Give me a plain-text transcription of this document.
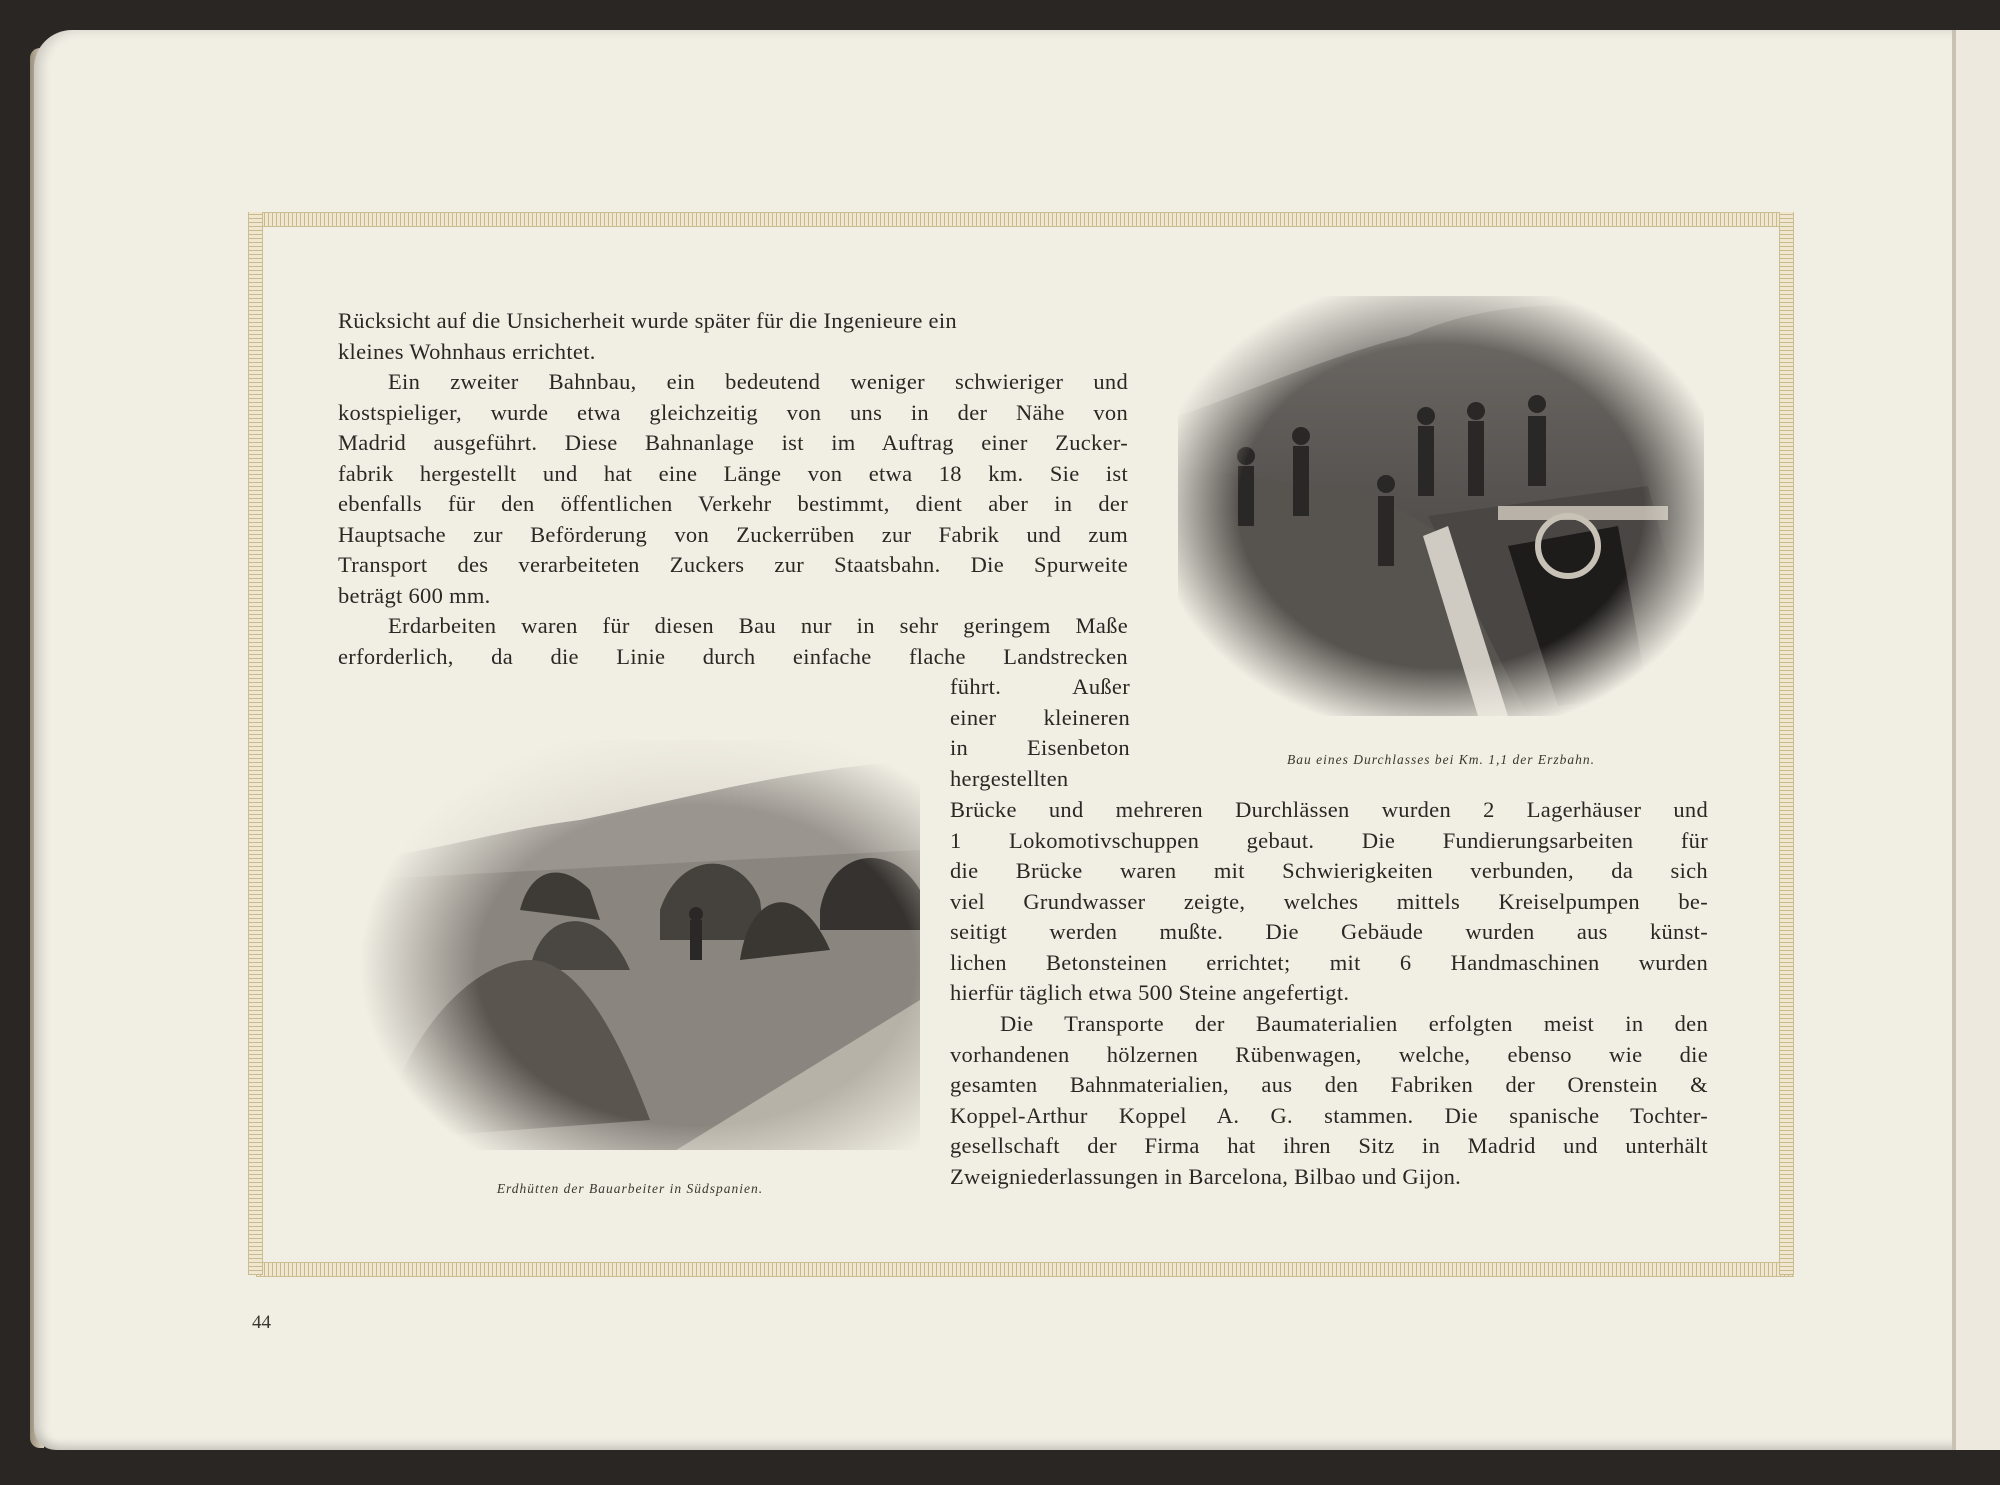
Rücksicht auf die Unsicherheit wurde später für die Ingenieure ein
kleines Wohnhaus errichtet.

Ein zweiter Bahnbau, ein bedeutend weniger schwieriger und
kostspieliger, wurde etwa gleichzeitig von uns in der Nähe von
Madrid ausgeführt. Diese Bahnanlage ist im Auftrag einer Zucker-
fabrik hergestellt und hat eine Länge von etwa 18 km. Sie ist
ebenfalls für den öffentlichen Verkehr bestimmt, dient aber in der
Hauptsache zur Beförderung von Zuckerrüben zur Fabrik und zum
Transport des verarbeiteten Zuckers zur Staatsbahn. Die Spurweite
beträgt 600 mm.
Erdarbeiten waren für diesen Bau nur in sehr geringem Maße
erforderlich, da die Linie durch einfache flache Landstrecken
führt. Außer
einer kleineren
in Eisenbeton
hergestellten
Brücke und mehreren Durchlässen wurden 2 Lagerhäuser und
1 Lokomotivschuppen gebaut. Die Fundierungsarbeiten für
die Brücke waren mit Schwierigkeiten verbunden, da sich
viel Grundwasser zeigte, welches mittels Kreiselpumpen be-
seitigt werden mußte. Die Gebäude wurden aus künst-
lichen Betonsteinen errichtet; mit 6 Handmaschinen wurden
hierfür täglich etwa 500 Steine angefertigt.
Die Transporte der Baumaterialien erfolgten meist in den
vorhandenen hölzernen Rübenwagen, welche, ebenso wie die
gesamten Bahnmaterialien, aus den Fabriken der Orenstein &
Koppel-Arthur Koppel A. G. stammen. Die spanische Tochter-
gesellschaft der Firma hat ihren Sitz in Madrid und unterhält
Zweigniederlassungen in Barcelona, Bilbao und Gijon.

Bau eines Durchlasses bei Km. 1,1 der Erzbahn.

Erdhütten der Bauarbeiter in Südspanien.

44
